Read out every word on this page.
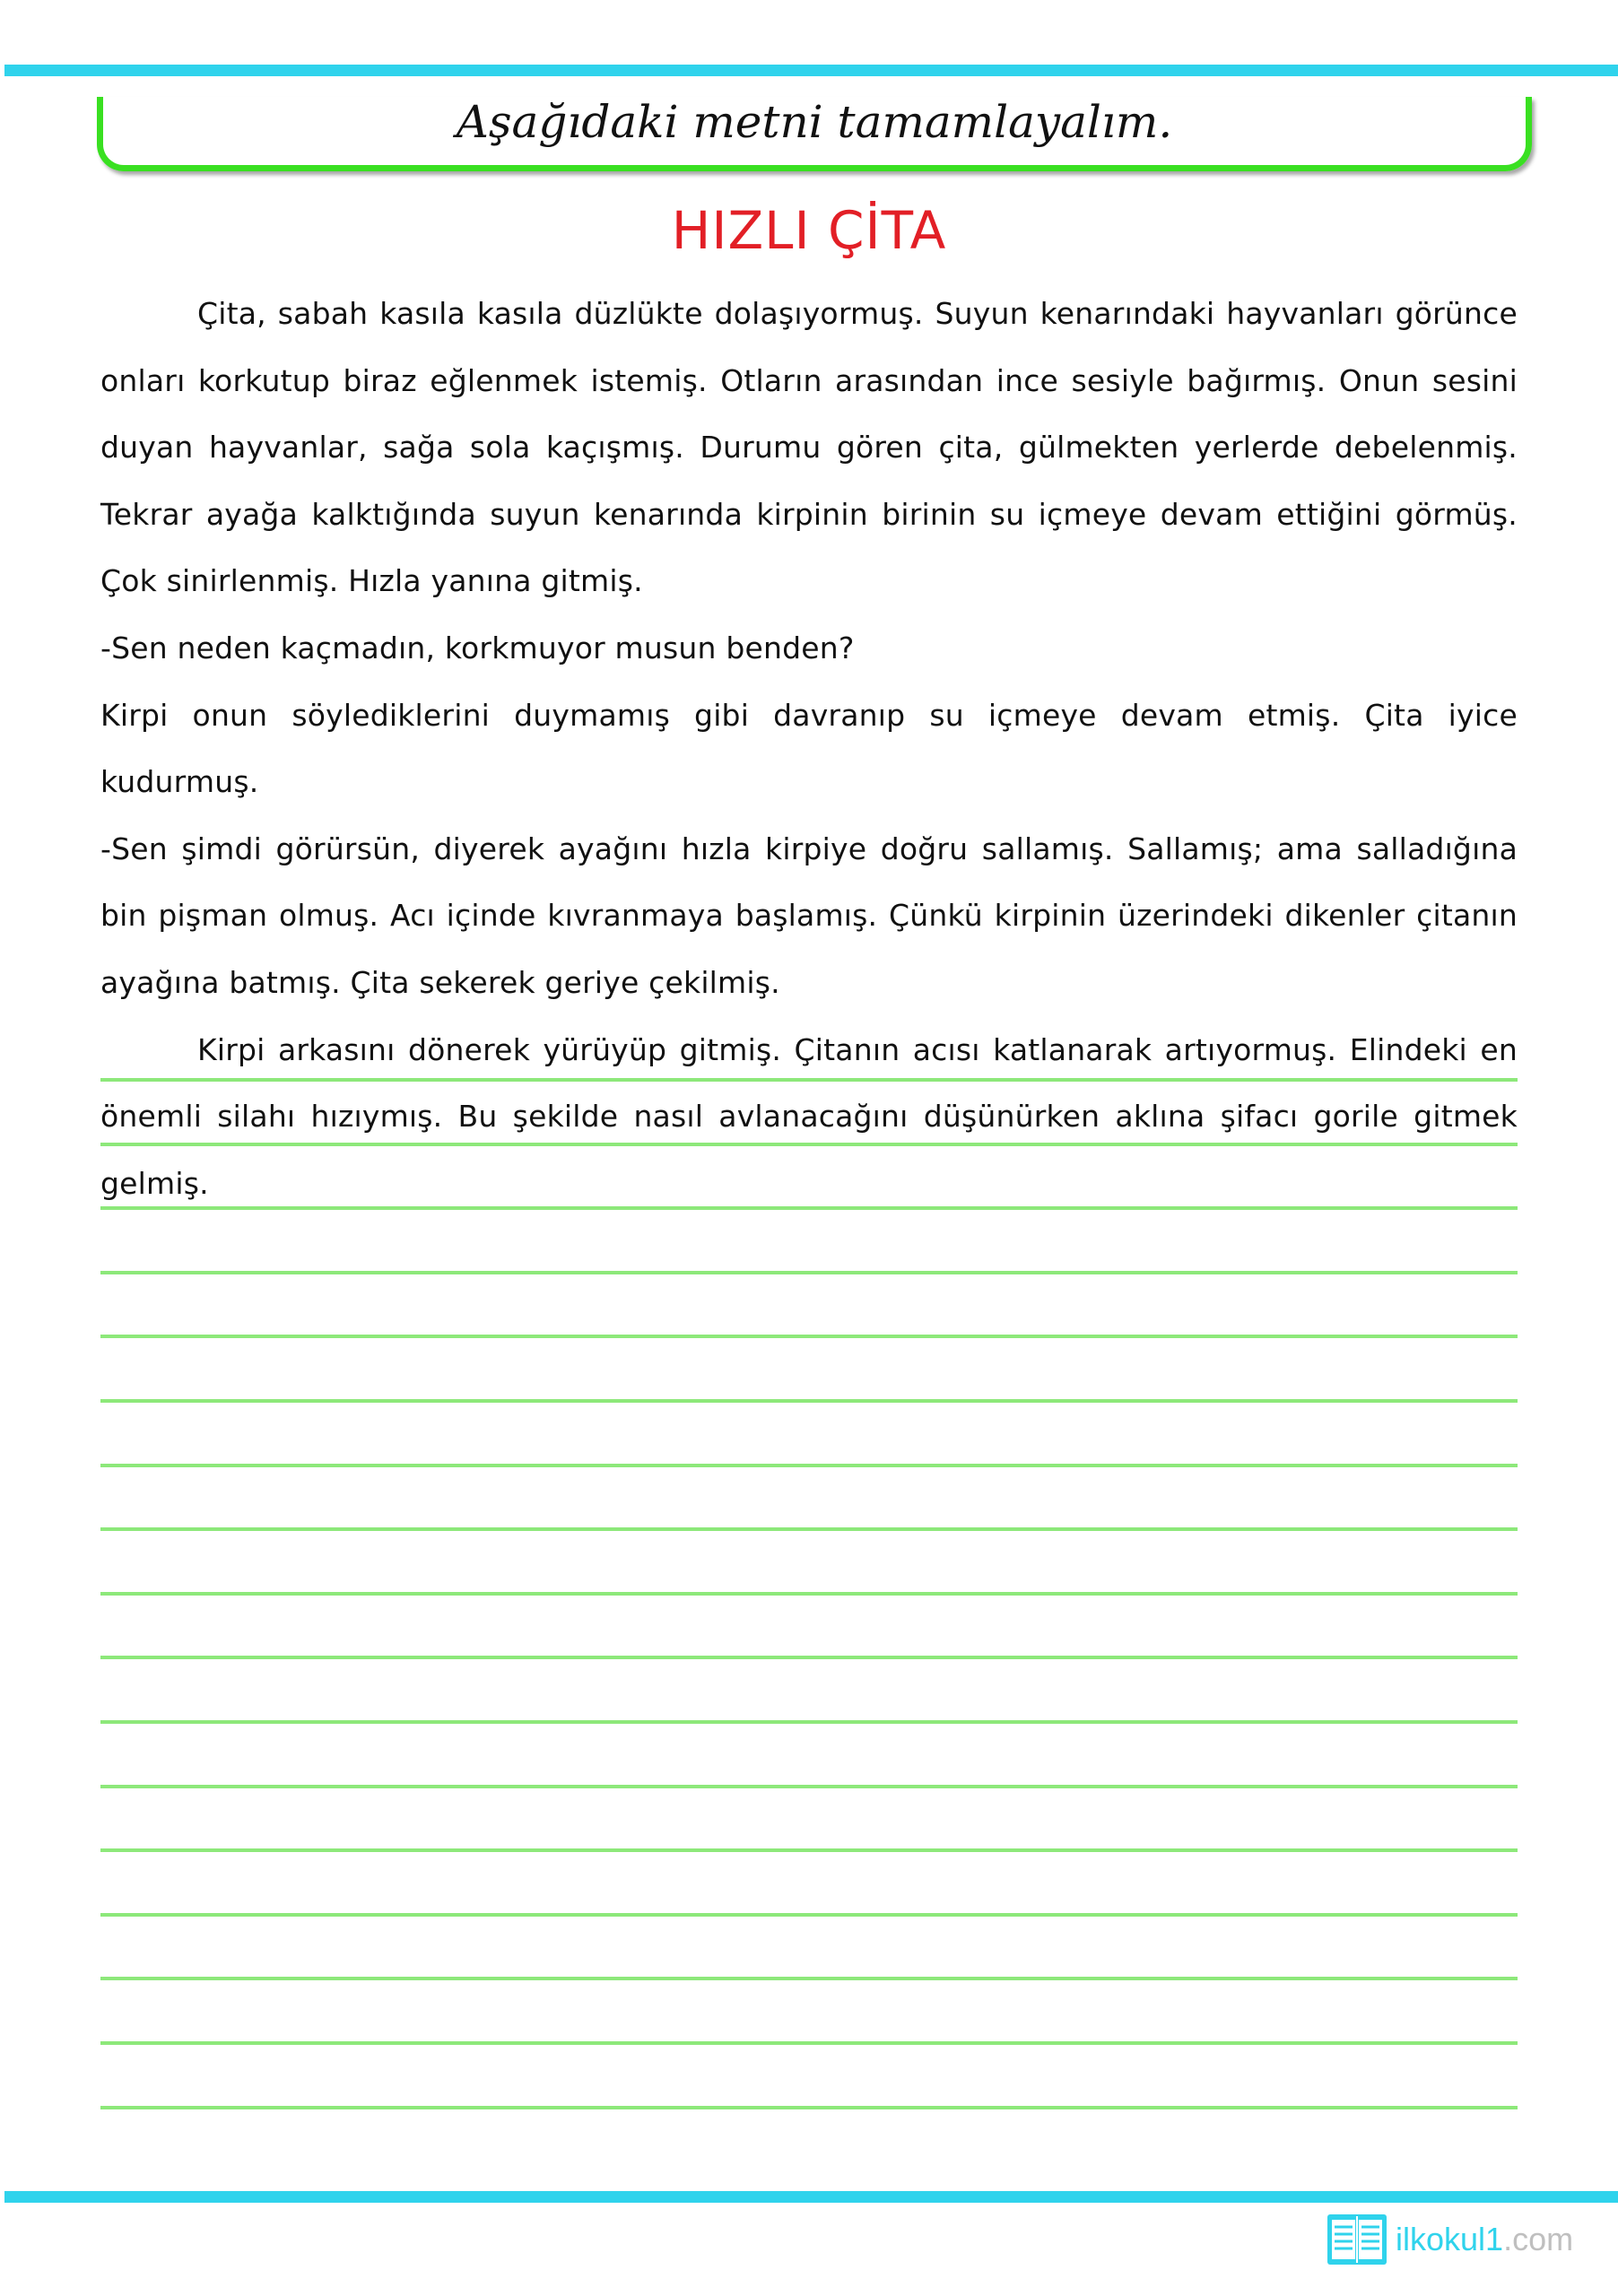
Aşağıdaki metni tamamlayalım.
HIZLI ÇİTA

Çita, sabah kasıla kasıla düzlükte dolaşıyormuş. Suyun kenarındaki hayvanları görünce onları korkutup biraz eğlenmek istemiş. Otların arasından ince sesiyle bağırmış. Onun sesini duyan hayvanlar, sağa sola kaçışmış. Durumu gören çita, gülmekten yerlerde debelenmiş. Tekrar ayağa kalktığında suyun kenarında kirpinin birinin su içmeye devam ettiğini görmüş. Çok sinirlenmiş. Hızla yanına gitmiş.

-Sen neden kaçmadın, korkmuyor musun benden?

Kirpi onun söylediklerini duymamış gibi davranıp su içmeye devam etmiş. Çita iyice kudurmuş.

-Sen şimdi görürsün, diyerek ayağını hızla kirpiye doğru sallamış. Sallamış; ama salladığına bin pişman olmuş. Acı içinde kıvranmaya başlamış. Çünkü kirpinin üzerindeki dikenler çitanın ayağına batmış. Çita sekerek geriye çekilmiş.

Kirpi arkasını dönerek yürüyüp gitmiş. Çitanın acısı katlanarak artıyormuş. Elindeki en önemli silahı hızıymış. Bu şekilde nasıl avlanacağını düşünürken aklına şifacı gorile gitmek gelmiş.

ilkokul1.com
